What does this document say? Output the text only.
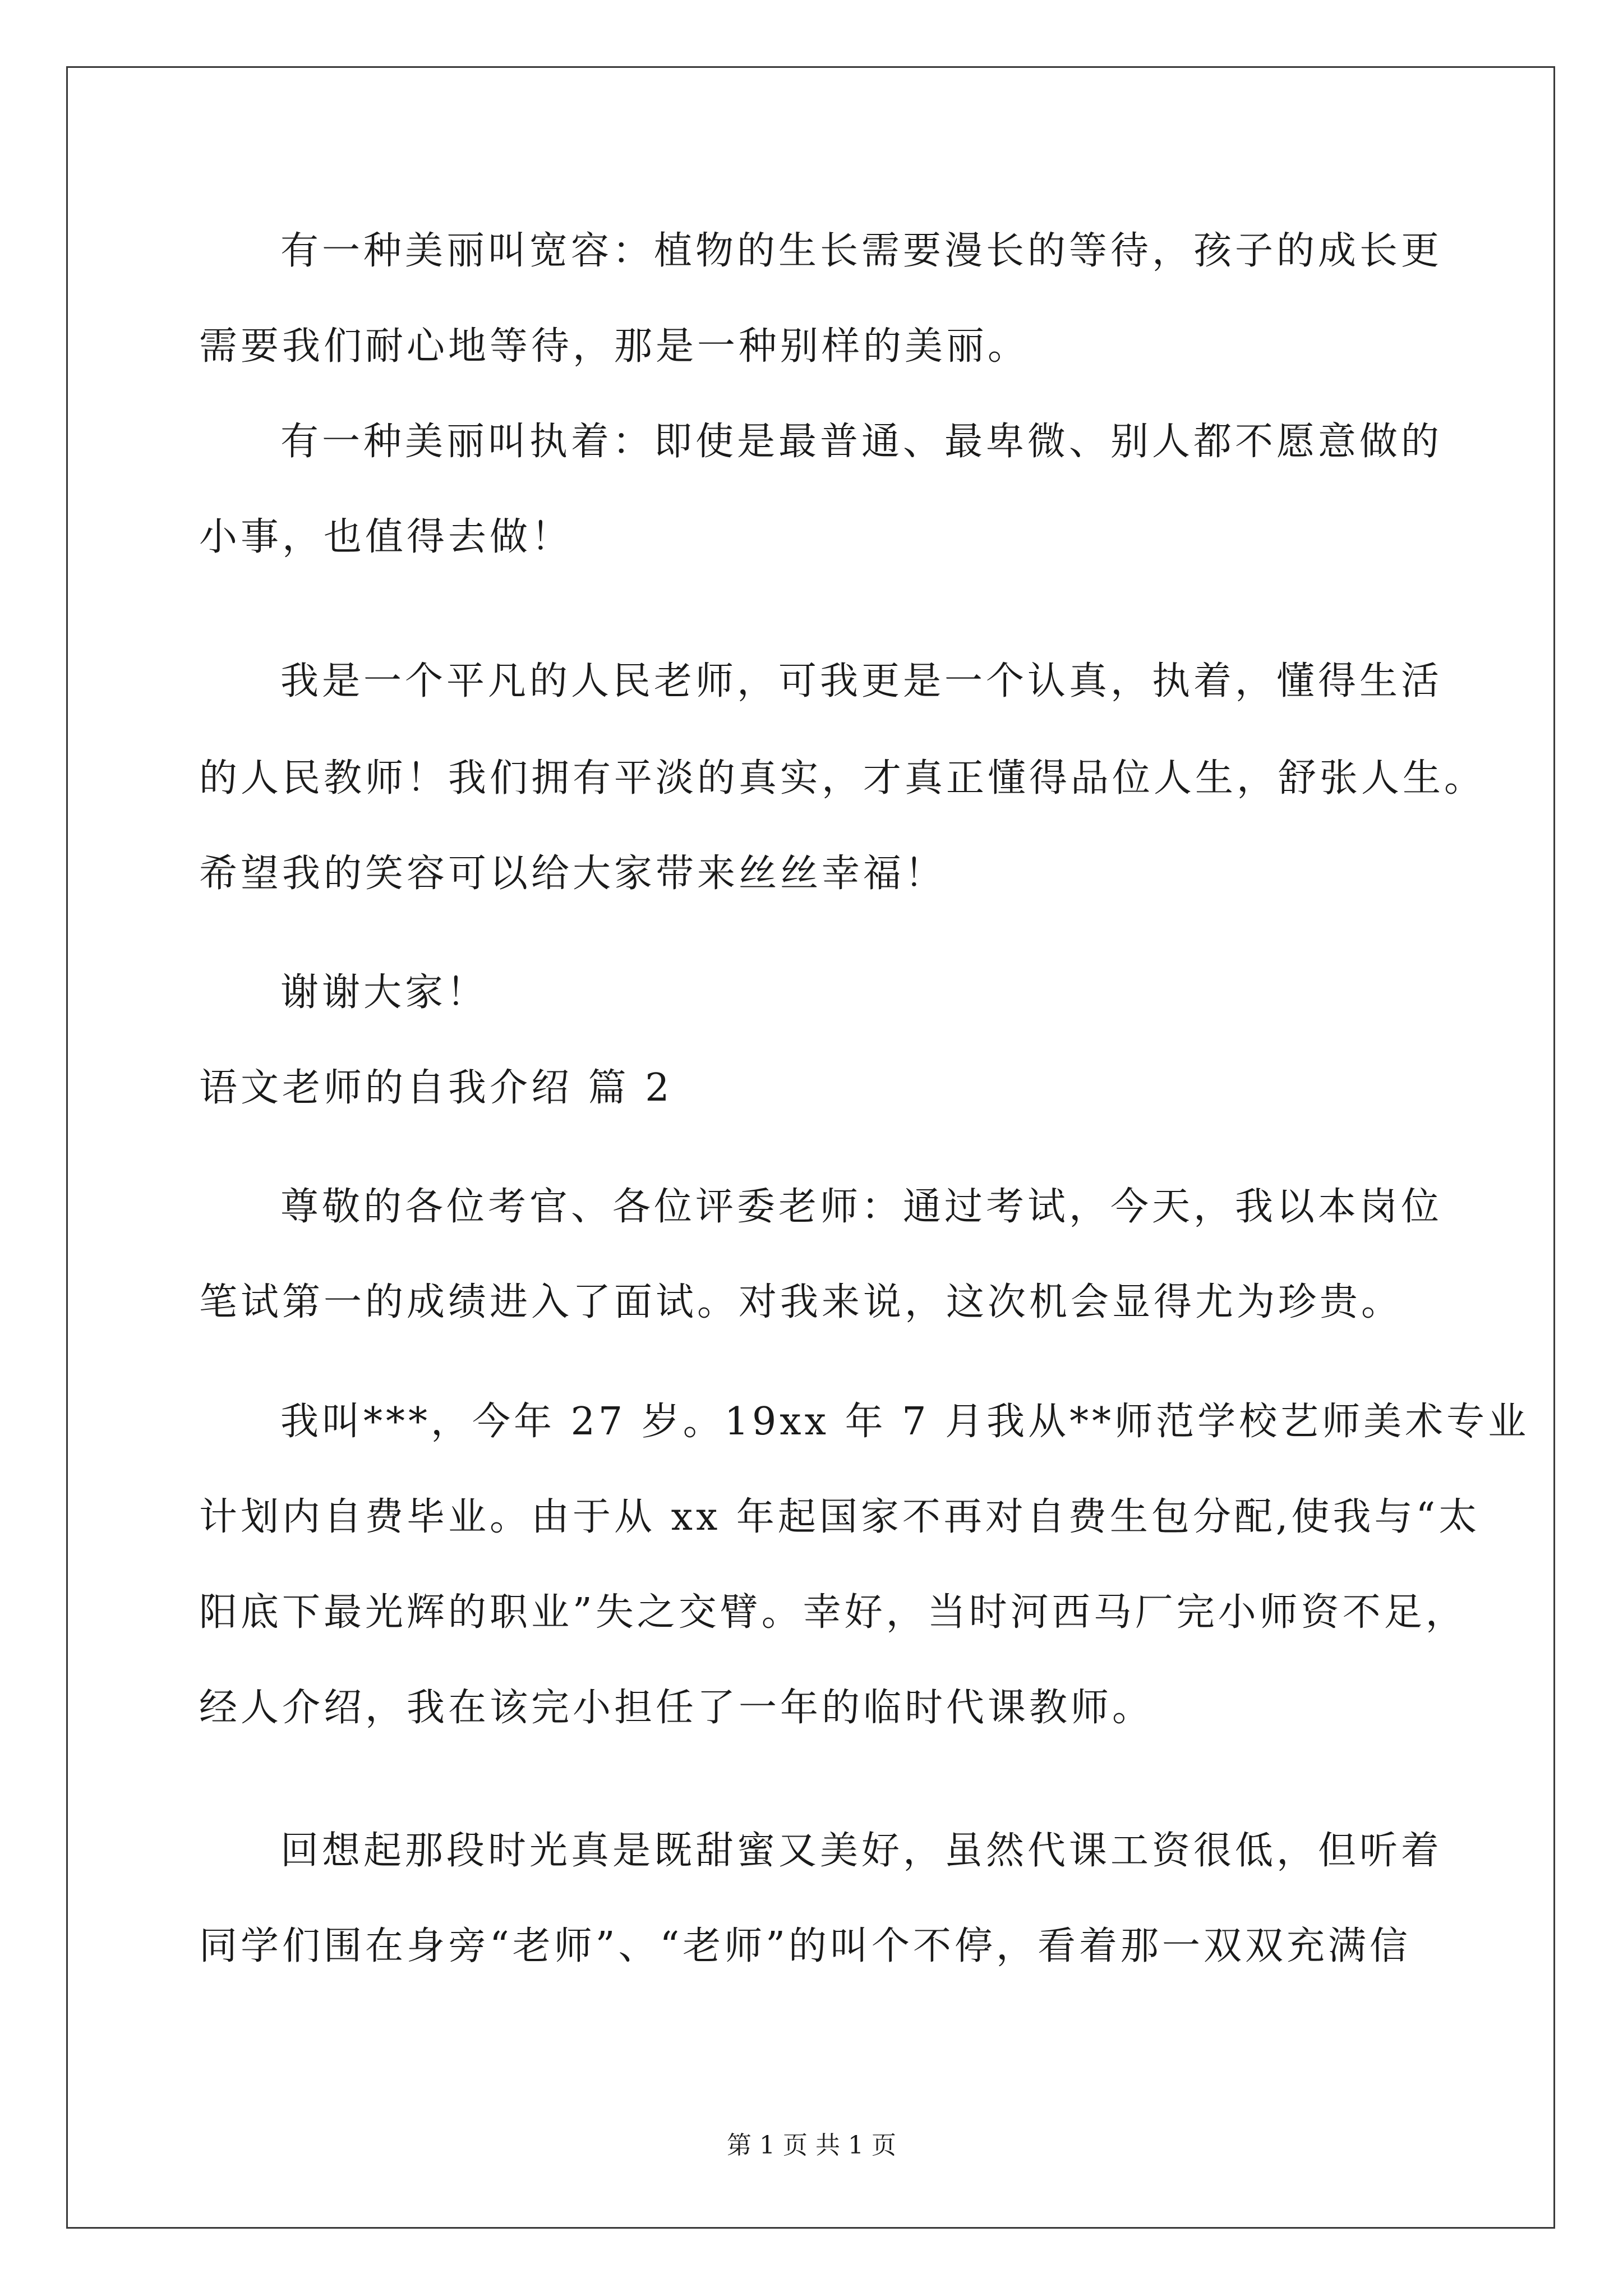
有一种美丽叫宽容：植物的生长需要漫长的等待，孩子的成长更
需要我们耐心地等待，那是一种别样的美丽。
有一种美丽叫执着：即使是最普通、最卑微、别人都不愿意做的
小事，也值得去做！
我是一个平凡的人民老师，可我更是一个认真，执着，懂得生活
的人民教师！我们拥有平淡的真实，才真正懂得品位人生，舒张人生。
希望我的笑容可以给大家带来丝丝幸福！
谢谢大家！
语文老师的自我介绍 篇 2
尊敬的各位考官、各位评委老师：通过考试，今天，我以本岗位
笔试第一的成绩进入了面试。对我来说，这次机会显得尤为珍贵。
我叫***，今年 27 岁。19xx 年 7 月我从**师范学校艺师美术专业
计划内自费毕业。由于从 xx 年起国家不再对自费生包分配,使我与“太
阳底下最光辉的职业”失之交臂。幸好，当时河西马厂完小师资不足，
经人介绍，我在该完小担任了一年的临时代课教师。
回想起那段时光真是既甜蜜又美好，虽然代课工资很低，但听着
同学们围在身旁“老师”、“老师”的叫个不停，看着那一双双充满信
第 1 页 共 1 页
